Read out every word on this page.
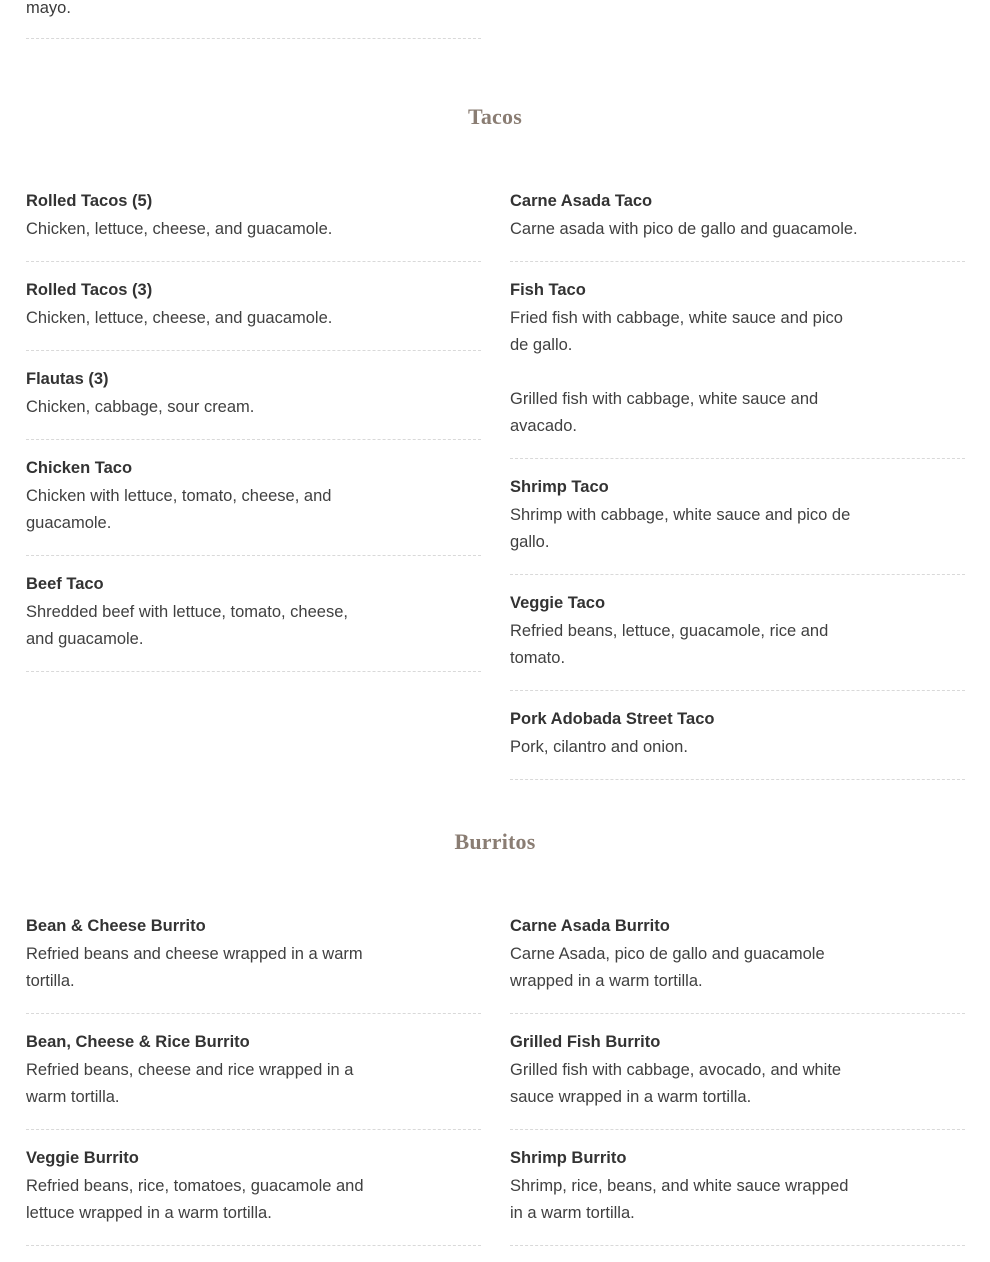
mayo.
Tacos
Rolled Tacos (5)

Chicken, lettuce, cheese, and guacamole.

Rolled Tacos (3)

Chicken, lettuce, cheese, and guacamole.

Flautas (3)

Chicken, cabbage, sour cream.

Chicken Taco

Chicken with lettuce, tomato, cheese, and guacamole.

Beef Taco

Shredded beef with lettuce, tomato, cheese, and guacamole.

Carne Asada Taco

Carne asada with pico de gallo and guacamole.

Fish Taco

Fried fish with cabbage, white sauce and pico de gallo.

Grilled fish with cabbage, white sauce and avacado.

Shrimp Taco

Shrimp with cabbage, white sauce and pico de gallo.

Veggie Taco

Refried beans, lettuce, guacamole, rice and tomato.

Pork Adobada Street Taco

Pork, cilantro and onion.

Burritos
Bean & Cheese Burrito

Refried beans and cheese wrapped in a warm tortilla.

Bean, Cheese & Rice Burrito

Refried beans, cheese and rice wrapped in a warm tortilla.

Veggie Burrito

Refried beans, rice, tomatoes, guacamole and lettuce wrapped in a warm tortilla.

Carne Asada Burrito

Carne Asada, pico de gallo and guacamole wrapped in a warm tortilla.

Grilled Fish Burrito

Grilled fish with cabbage, avocado, and white sauce wrapped in a warm tortilla.

Shrimp Burrito

Shrimp, rice, beans, and white sauce wrapped in a warm tortilla.
